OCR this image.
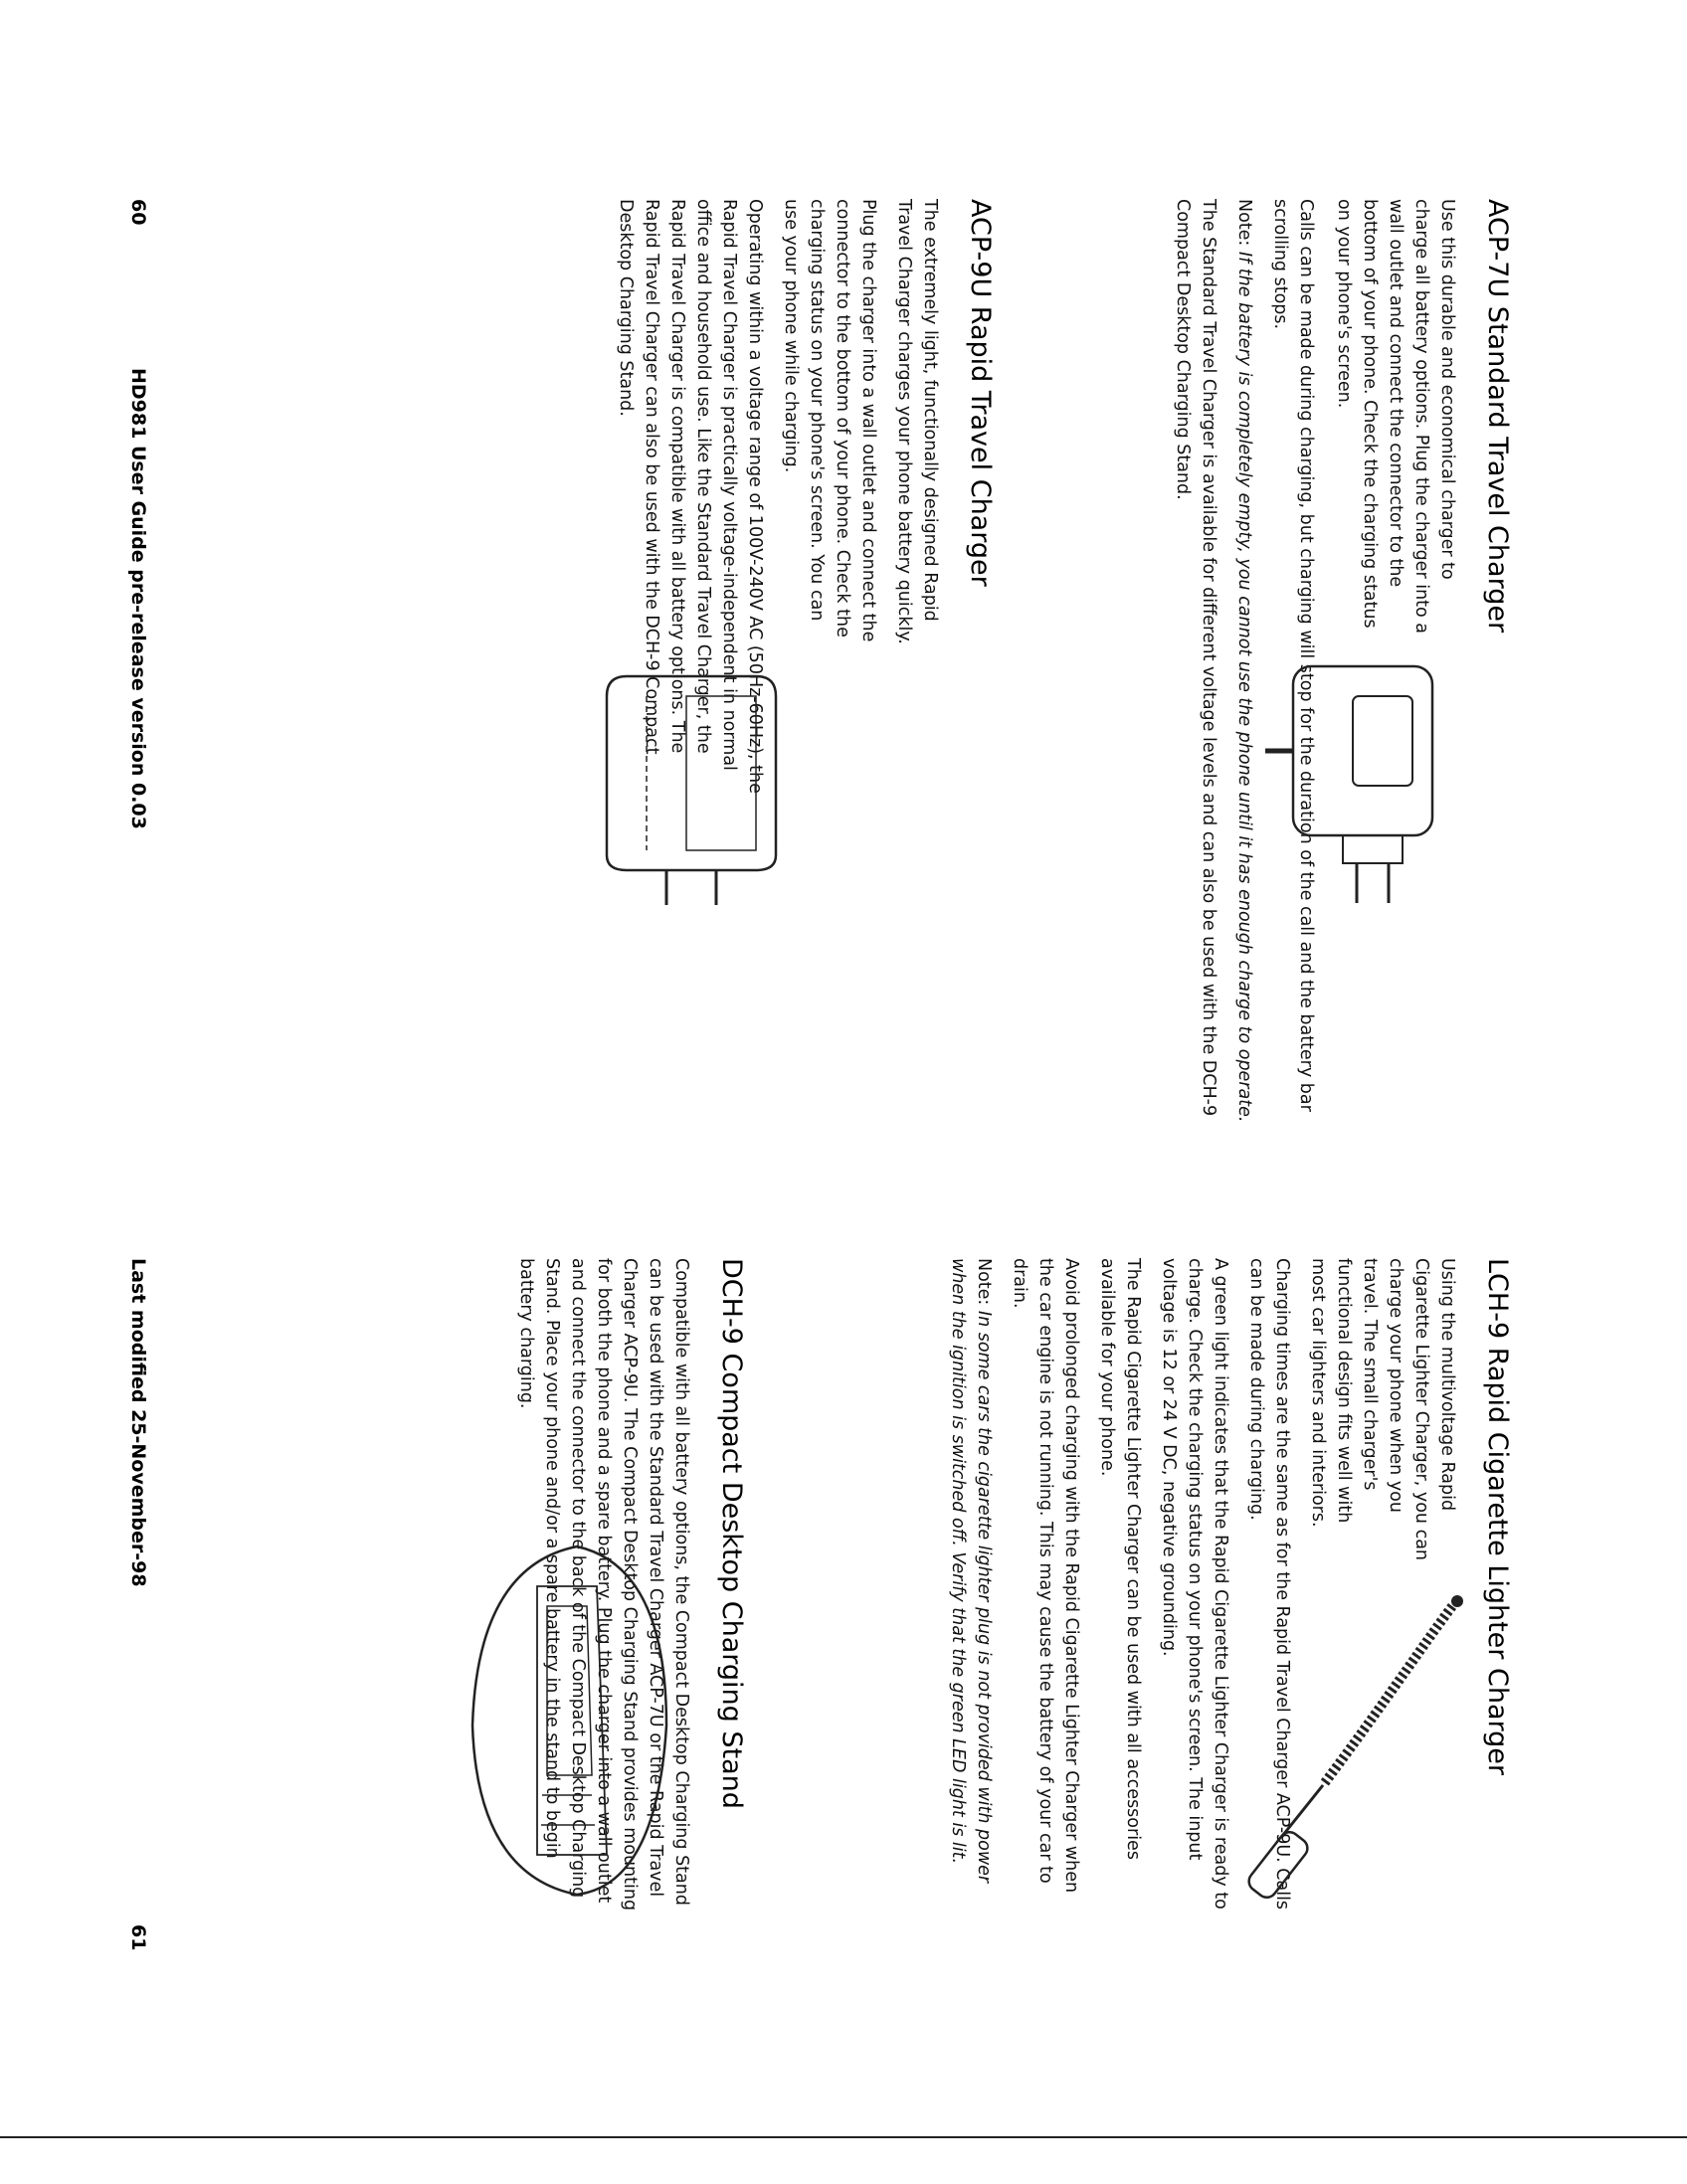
ACP-7U Standard Travel Charger

Use this durable and economical charger to charge all battery options. Plug the charger into a wall outlet and connect the connector to the bottom of your phone. Check the charging status on your phone's screen.

Calls can be made during charging, but charging will stop for the duration of the call and the battery bar scrolling stops.

Note: If the battery is completely empty, you cannot use the phone until it has enough charge to operate.

The Standard Travel Charger is available for different voltage levels and can also be used with the DCH-9 Compact Desktop Charging Stand.

ACP-9U Rapid Travel Charger

The extremely light, functionally designed Rapid Travel Charger charges your phone battery quickly.

Plug the charger into a wall outlet and connect the connector to the bottom of your phone. Check the charging status on your phone's screen. You can use your phone while charging.

Operating within a voltage range of 100V-240V AC (50Hz-60Hz), the Rapid Travel Charger is practically voltage-independent in normal office and household use. Like the Standard Travel Charger, the Rapid Travel Charger is compatible with all battery options. The Rapid Travel Charger can also be used with the DCH-9 Compact Desktop Charging Stand.

60
HD981 User Guide pre-release version 0.03
LCH-9 Rapid Cigarette Lighter Charger

Using the multivoltage Rapid Cigarette Lighter Charger, you can charge your phone when you travel. The small charger's functional design fits well with most car lighters and interiors.

Charging times are the same as for the Rapid Travel Charger ACP-9U. Calls can be made during charging.

A green light indicates that the Rapid Cigarette Lighter Charger is ready to charge. Check the charging status on your phone's screen. The input voltage is 12 or 24 V DC, negative grounding.

The Rapid Cigarette Lighter Charger can be used with all accessories available for your phone.

Avoid prolonged charging with the Rapid Cigarette Lighter Charger when the car engine is not running. This may cause the battery of your car to drain.

Note: In some cars the cigarette lighter plug is not provided with power when the ignition is switched off. Verify that the green LED light is lit.

DCH-9 Compact Desktop Charging Stand

Compatible with all battery options, the Compact Desktop Charging Stand can be used with the Standard Travel Charger ACP-7U or the Rapid Travel Charger ACP-9U. The Compact Desktop Charging Stand provides mounting for both the phone and a spare battery. Plug the charger into a wall outlet and connect the connector to the back of the Compact Desktop Charging Stand. Place your phone and/or a spare battery in the stand to begin battery charging.

Last modified 25-November-98
61
